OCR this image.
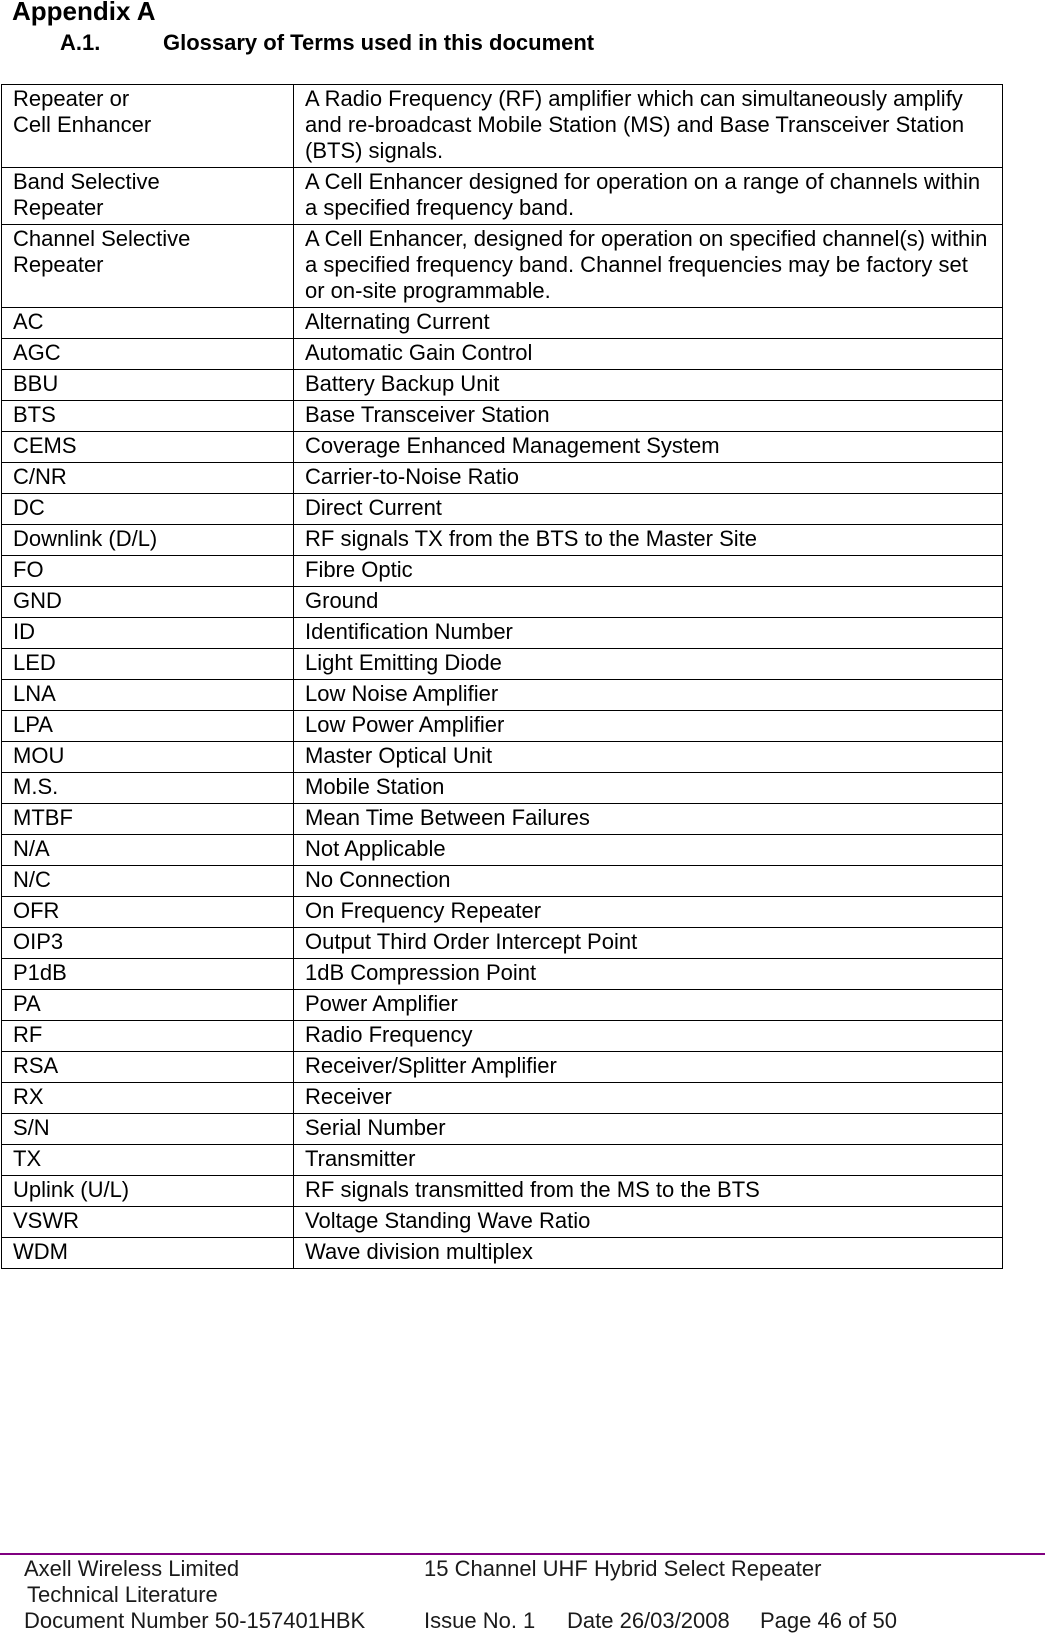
Appendix A
A.1.	Glossary of Terms used in this document
Repeater or
Cell Enhancer	A Radio Frequency (RF) amplifier which can simultaneously amplify and re-broadcast Mobile Station (MS) and Base Transceiver Station (BTS) signals.
Band Selective
Repeater	A Cell Enhancer designed for operation on a range of channels within a specified frequency band.
Channel Selective
Repeater	A Cell Enhancer, designed for operation on specified channel(s) within a specified frequency band. Channel frequencies may be factory set or on-site programmable.
AC	Alternating Current
AGC	Automatic Gain Control
BBU	Battery Backup Unit
BTS	Base Transceiver Station
CEMS	Coverage Enhanced Management System
C/NR	Carrier-to-Noise Ratio
DC	Direct Current
Downlink (D/L)	RF signals TX from the BTS to the Master Site
FO	Fibre Optic
GND	Ground
ID	Identification Number
LED	Light Emitting Diode
LNA	Low Noise Amplifier
LPA	Low Power Amplifier
MOU	Master Optical Unit
M.S.	Mobile Station
MTBF	Mean Time Between Failures
N/A	Not Applicable
N/C	No Connection
OFR	On Frequency Repeater
OIP3	Output Third Order Intercept Point
P1dB	1dB Compression Point
PA	Power Amplifier
RF	Radio Frequency
RSA	Receiver/Splitter Amplifier
RX	Receiver
S/N	Serial Number
TX	Transmitter
Uplink (U/L)	RF signals transmitted from the MS to the BTS
VSWR	Voltage Standing Wave Ratio
WDM	Wave division multiplex
Axell Wireless Limited	15 Channel UHF Hybrid Select Repeater
Technical Literature
Document Number 50-157401HBK	Issue No. 1 Date 26/03/2008 Page 46 of 50
